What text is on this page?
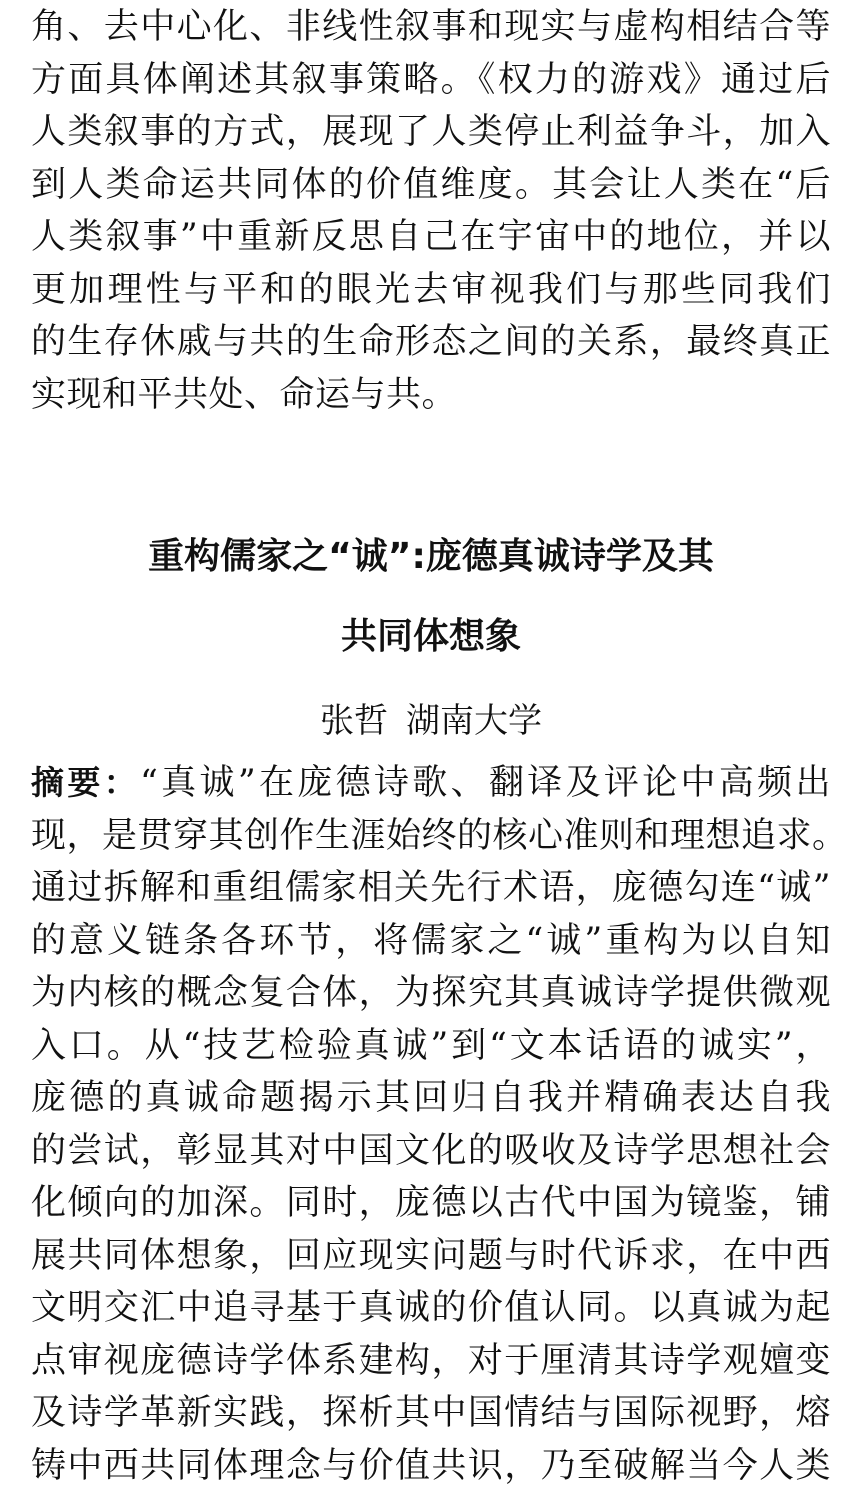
角、去中心化、非线性叙事和现实与虚构相结合等
方面具体阐述其叙事策略。《权力的游戏》通过后
人类叙事的方式，展现了人类停止利益争斗，加入
到人类命运共同体的价值维度。其会让人类在“后
人类叙事”中重新反思自己在宇宙中的地位，并以
更加理性与平和的眼光去审视我们与那些同我们
的生存休戚与共的生命形态之间的关系，最终真正
实现和平共处、命运与共。
重构儒家之“诚”:庞德真诚诗学及其
共同体想象
张哲 湖南大学
摘要：“真诚”在庞德诗歌、翻译及评论中高频出
现，是贯穿其创作生涯始终的核心准则和理想追求。
通过拆解和重组儒家相关先行术语，庞德勾连“诚”
的意义链条各环节，将儒家之“诚”重构为以自知
为内核的概念复合体，为探究其真诚诗学提供微观
入口。从“技艺检验真诚”到“文本话语的诚实”，
庞德的真诚命题揭示其回归自我并精确表达自我
的尝试，彰显其对中国文化的吸收及诗学思想社会
化倾向的加深。同时，庞德以古代中国为镜鉴，铺
展共同体想象，回应现实问题与时代诉求，在中西
文明交汇中追寻基于真诚的价值认同。以真诚为起
点审视庞德诗学体系建构，对于厘清其诗学观嬗变
及诗学革新实践，探析其中国情结与国际视野，熔
铸中西共同体理念与价值共识，乃至破解当今人类
